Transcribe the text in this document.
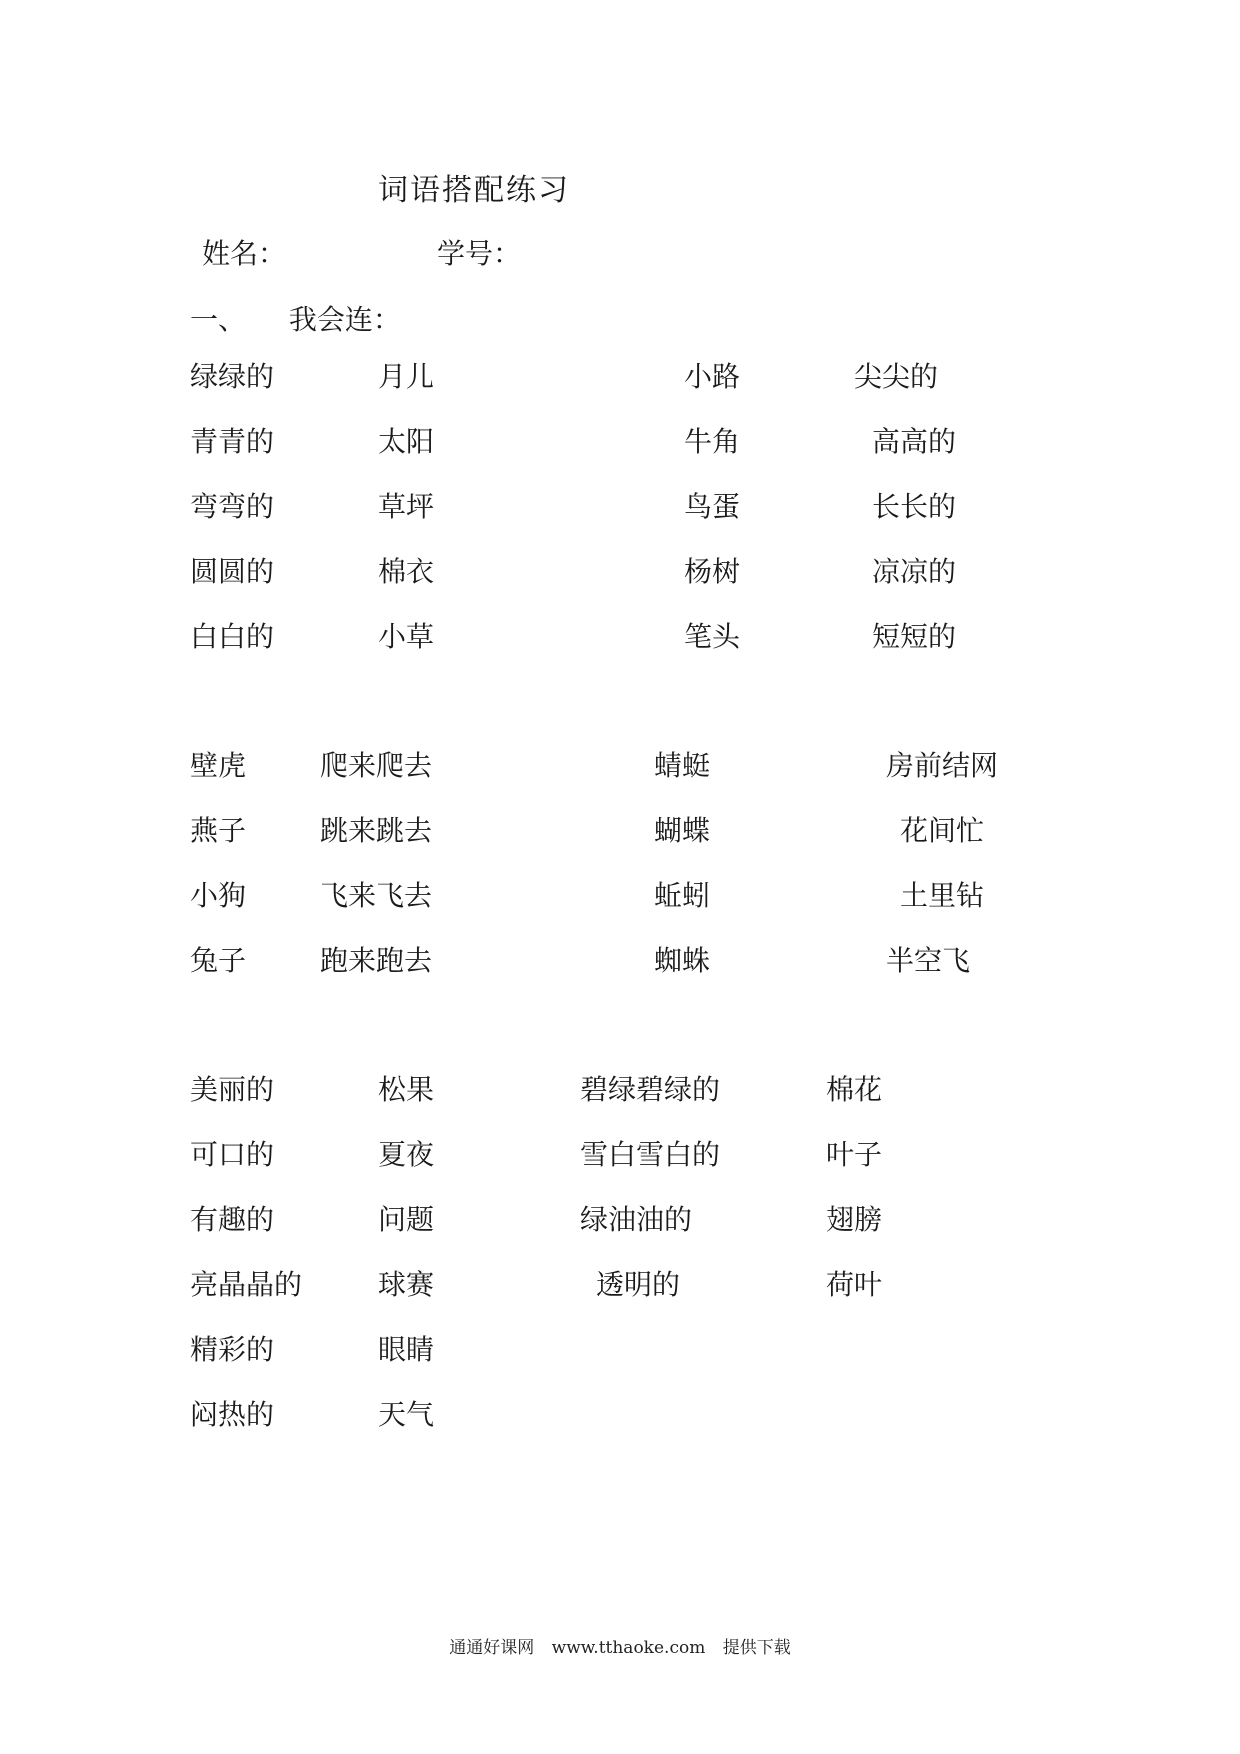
词语搭配练习
姓名：	学号：
一、 我会连：
绿绿的	月儿	小路	尖尖的
青青的	太阳	牛角	高高的
弯弯的	草坪	鸟蛋	长长的
圆圆的	棉衣	杨树	凉凉的
白白的	小草	笔头	短短的
壁虎	爬来爬去	蜻蜓	房前结网
燕子	跳来跳去	蝴蝶	花间忙
小狗	飞来飞去	蚯蚓	土里钻
兔子	跑来跑去	蜘蛛	半空飞
美丽的	松果	碧绿碧绿的	棉花
可口的	夏夜	雪白雪白的	叶子
有趣的	问题	绿油油的	翅膀
亮晶晶的	球赛	透明的	荷叶
精彩的	眼睛
闷热的	天气
通通好课网 www.tthaoke.com 提供下载
